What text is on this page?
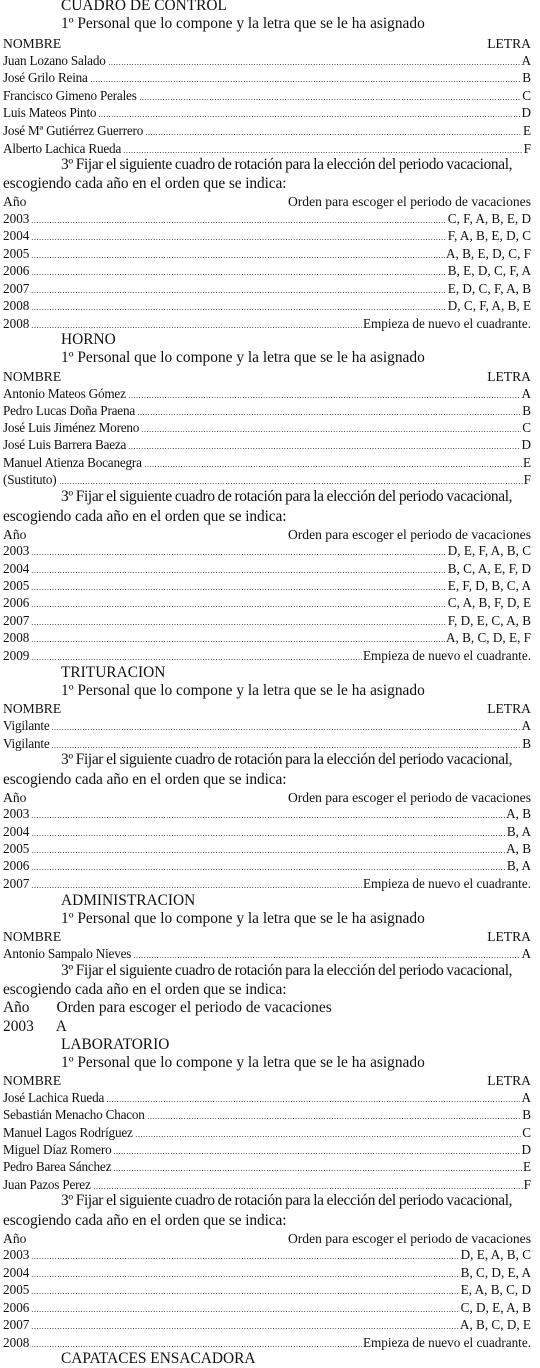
CUADRO DE CONTROL
1º Personal que lo compone y la letra que se le ha asignado
NOMBRE	LETRA
Juan Lozano Salado	A
José Grilo Reina	B
Francisco Gimeno Perales	C
Luis Mateos Pinto	D
José Mª Gutiérrez Guerrero	E
Alberto Lachica Rueda	F
3º Fijar el siguiente cuadro de rotación para la elección del periodo vacacional,
escogiendo cada año en el orden que se indica:
Año	Orden para escoger el periodo de vacaciones
2003	C, F, A, B, E, D
2004	F, A, B, E, D, C
2005	A, B, E, D, C, F
2006	B, E, D, C, F, A
2007	E, D, C, F, A, B
2008	D, C, F, A, B, E
2008	Empieza de nuevo el cuadrante.
HORNO
1º Personal que lo compone y la letra que se le ha asignado
NOMBRE	LETRA
Antonio Mateos Gómez	A
Pedro Lucas Doña Praena	B
José Luis Jiménez Moreno	C
José Luis Barrera Baeza	D
Manuel Atienza Bocanegra	E
(Sustituto)	F
3º Fijar el siguiente cuadro de rotación para la elección del periodo vacacional,
escogiendo cada año en el orden que se indica:
Año	Orden para escoger el periodo de vacaciones
2003	D, E, F, A, B, C
2004	B, C, A, E, F, D
2005	E, F, D, B, C, A
2006	C, A, B, F, D, E
2007	F, D, E, C, A, B
2008	A, B, C, D, E, F
2009	Empieza de nuevo el cuadrante.
TRITURACION
1º Personal que lo compone y la letra que se le ha asignado
NOMBRE	LETRA
Vigilante	A
Vigilante	B
3º Fijar el siguiente cuadro de rotación para la elección del periodo vacacional,
escogiendo cada año en el orden que se indica:
Año	Orden para escoger el periodo de vacaciones
2003	A, B
2004	B, A
2005	A, B
2006	B, A
2007	Empieza de nuevo el cuadrante.
ADMINISTRACION
1º Personal que lo compone y la letra que se le ha asignado
NOMBRE	LETRA
Antonio Sampalo Nieves	A
3º Fijar el siguiente cuadro de rotación para la elección del periodo vacacional,
escogiendo cada año en el orden que se indica:
Año Orden para escoger el periodo de vacaciones
2003 A
LABORATORIO
1º Personal que lo compone y la letra que se le ha asignado
NOMBRE	LETRA
José Lachica Rueda	A
Sebastián Menacho Chacon	B
Manuel Lagos Rodríguez	C
Miguel Díaz Romero	D
Pedro Barea Sánchez	E
Juan Pazos Perez	F
3º Fijar el siguiente cuadro de rotación para la elección del periodo vacacional,
escogiendo cada año en el orden que se indica:
Año	Orden para escoger el periodo de vacaciones
2003	D, E, A, B, C
2004	B, C, D, E, A
2005	E, A, B, C, D
2006	C, D, E, A, B
2007	A, B, C, D, E
2008	Empieza de nuevo el cuadrante.
CAPATACES ENSACADORA
